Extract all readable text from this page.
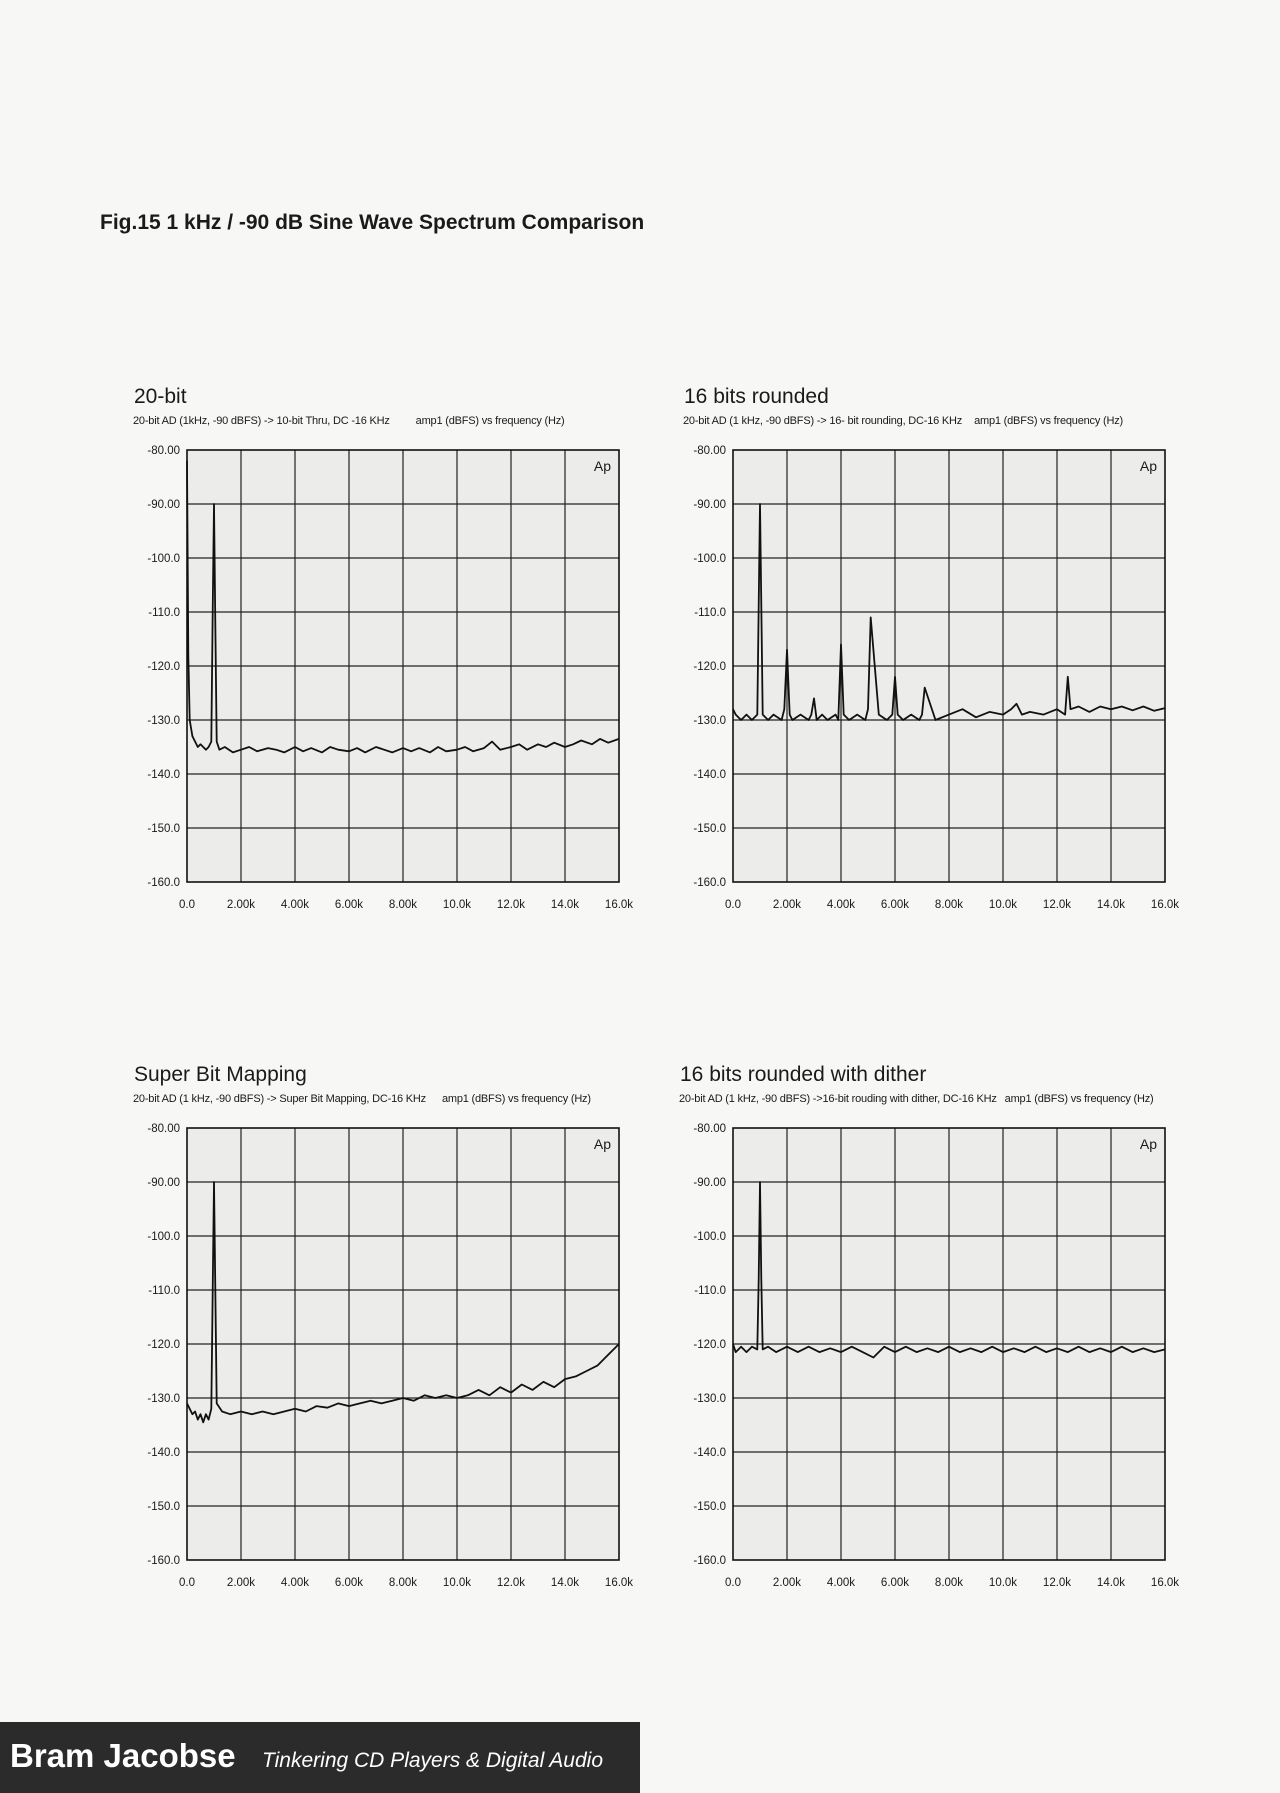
Fig.15 1 kHz / -90 dB Sine Wave Spectrum Comparison
20-bit
20-bit AD (1kHz, -90 dBFS) -> 10-bit Thru, DC -16 KHz amp1 (dBFS) vs frequency (Hz)
-80.00
-90.00
-100.0
-110.0
-120.0
-130.0
-140.0
-150.0
-160.0
0.0	2.00k 4.00k 6.00k 8.00k 10.0k 12.0k 14.0k 16.0k
Ap
16 bits rounded
20-bit AD (1 kHz, -90 dBFS) -> 16- bit rounding, DC-16 KHz amp1 (dBFS) vs frequency (Hz)
-80.00
-90.00
-100.0
-110.0
-120.0
-130.0
-140.0
-150.0
-160.0
0.0	2.00k 4.00k 6.00k 8.00k 10.0k 12.0k 14.0k 16.0k
Ap
Super Bit Mapping
20-bit AD (1 kHz, -90 dBFS) -> Super Bit Mapping, DC-16 KHz amp1 (dBFS) vs frequency (Hz)
-80.00
-90.00
-100.0
-110.0
-120.0
-130.0
-140.0
-150.0
-160.0
0.0	2.00k 4.00k 6.00k 8.00k 10.0k 12.0k 14.0k 16.0k
Ap
16 bits rounded with dither
20-bit AD (1 kHz, -90 dBFS) ->16-bit rouding with dither, DC-16 KHz amp1 (dBFS) vs frequency (Hz)
-80.00
-90.00
-100.0
-110.0
-120.0
-130.0
-140.0
-150.0
-160.0
0.0	2.00k 4.00k 6.00k 8.00k 10.0k 12.0k 14.0k 16.0k
Ap
Bram Jacobse Tinkering CD Players & Digital Audio
